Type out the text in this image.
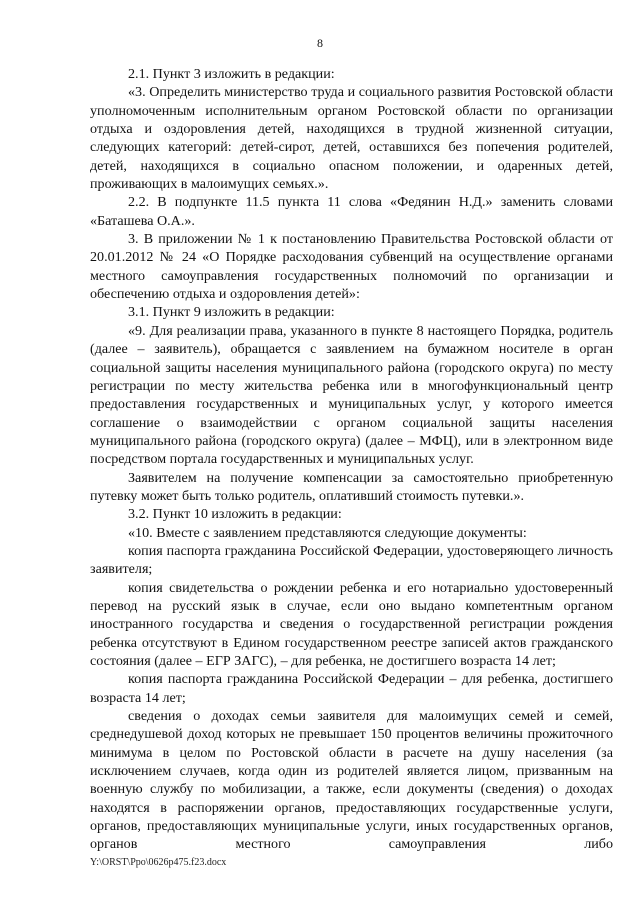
8

2.1. Пункт 3 изложить в редакции:

«3. Определить министерство труда и социального развития Ростовской области уполномоченным исполнительным органом Ростовской области по организации отдыха и оздоровления детей, находящихся в трудной жизненной ситуации, следующих категорий: детей-сирот, детей, оставшихся без попечения родителей, детей, находящихся в социально опасном положении, и одаренных детей, проживающих в малоимущих семьях.».

2.2. В подпункте 11.5 пункта 11 слова «Федянин Н.Д.» заменить словами «Баташева О.А.».

3. В приложении № 1 к постановлению Правительства Ростовской области от 20.01.2012 № 24 «О Порядке расходования субвенций на осуществление органами местного самоуправления государственных полномочий по организации и обеспечению отдыха и оздоровления детей»:

3.1. Пункт 9 изложить в редакции:

«9. Для реализации права, указанного в пункте 8 настоящего Порядка, родитель (далее – заявитель), обращается с заявлением на бумажном носителе в орган социальной защиты населения муниципального района (городского округа) по месту регистрации по месту жительства ребенка или в многофункциональный центр предоставления государственных и муниципальных услуг, у которого имеется соглашение о взаимодействии с органом социальной защиты населения муниципального района (городского округа) (далее – МФЦ), или в электронном виде посредством портала государственных и муниципальных услуг.

Заявителем на получение компенсации за самостоятельно приобретенную путевку может быть только родитель, оплативший стоимость путевки.».

3.2. Пункт 10 изложить в редакции:

«10. Вместе с заявлением представляются следующие документы:

копия паспорта гражданина Российской Федерации, удостоверяющего личность заявителя;

копия свидетельства о рождении ребенка и его нотариально удостоверенный перевод на русский язык в случае, если оно выдано компетентным органом иностранного государства и сведения о государственной регистрации рождения ребенка отсутствуют в Едином государственном реестре записей актов гражданского состояния (далее – ЕГР ЗАГС), – для ребенка, не достигшего возраста 14 лет;

копия паспорта гражданина Российской Федерации – для ребенка, достигшего возраста 14 лет;

сведения о доходах семьи заявителя для малоимущих семей и семей, среднедушевой доход которых не превышает 150 процентов величины прожиточного минимума в целом по Ростовской области в расчете на душу населения (за исключением случаев, когда один из родителей является лицом, призванным на военную службу по мобилизации, а также, если документы (сведения) о доходах находятся в распоряжении органов, предоставляющих государственные услуги, органов, предоставляющих муниципальные услуги, иных государственных органов, органов местного самоуправления либо

Y:\ORST\Ppo\0626p475.f23.docx
